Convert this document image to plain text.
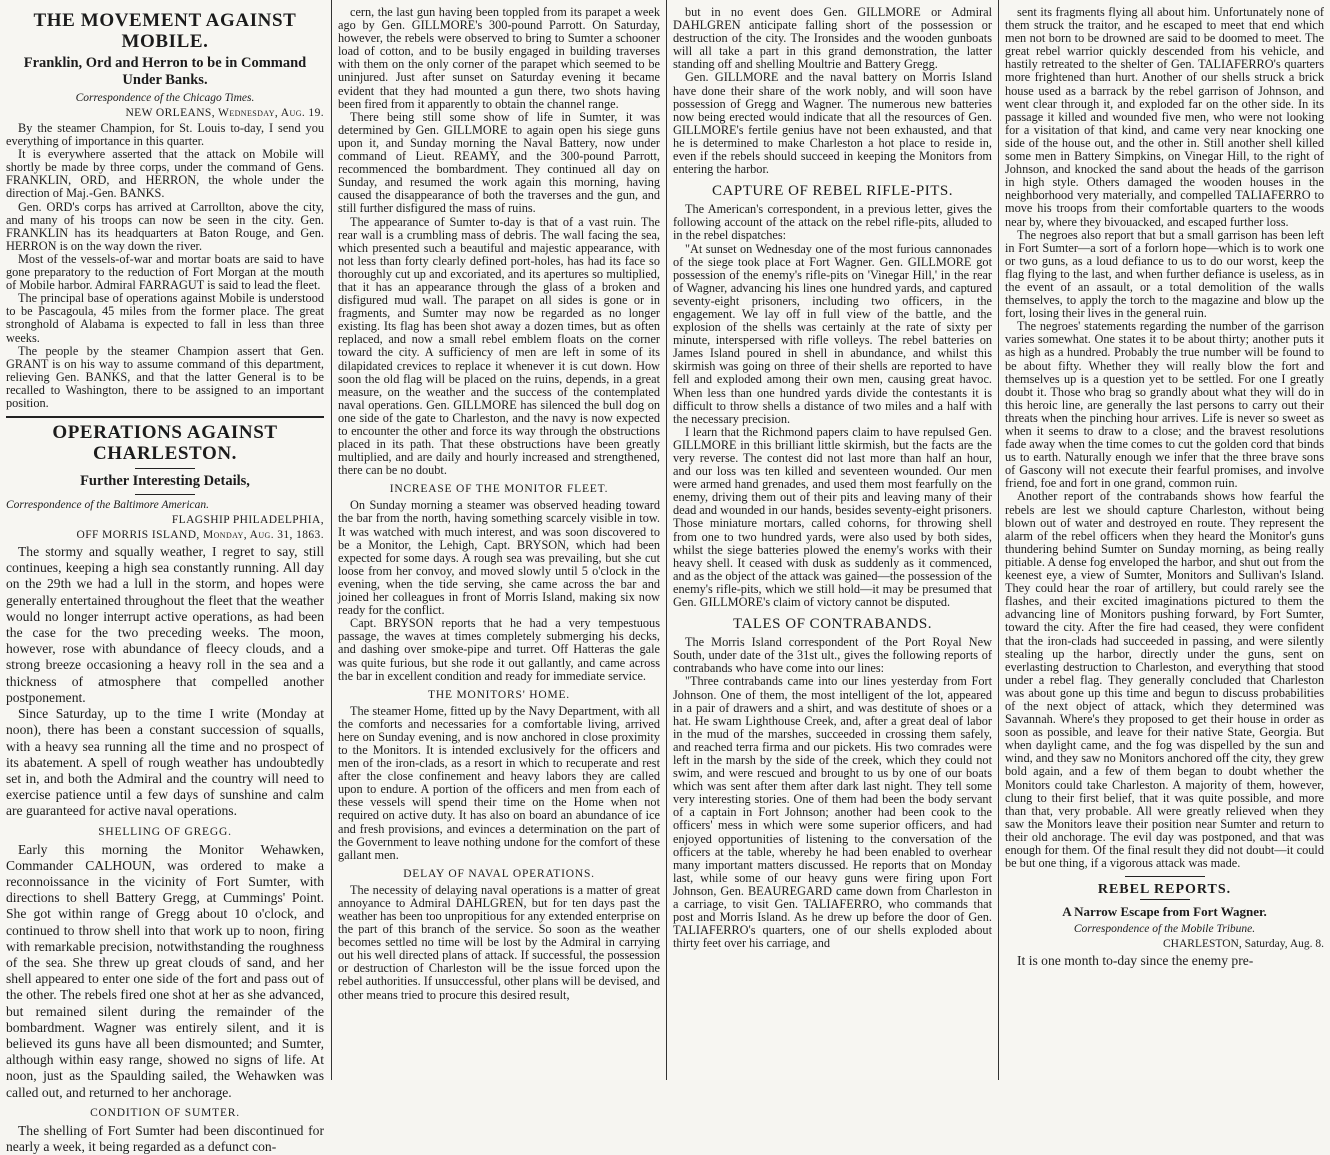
THE MOVEMENT AGAINST MOBILE.
Franklin, Ord and Herron to be in Command Under Banks.
Correspondence of the Chicago Times.
NEW ORLEANS, Wednesday, Aug. 19.

By the steamer Champion, for St. Louis to-day, I send you everything of importance in this quarter.

It is everywhere asserted that the attack on Mobile will shortly be made by three corps, under the command of Gens. FRANKLIN, ORD, and HERRON, the whole under the direction of Maj.-Gen. BANKS.

Gen. ORD's corps has arrived at Carrollton, above the city, and many of his troops can now be seen in the city. Gen. FRANKLIN has its headquarters at Baton Rouge, and Gen. HERRON is on the way down the river.

Most of the vessels-of-war and mortar boats are said to have gone preparatory to the reduction of Fort Morgan at the mouth of Mobile harbor. Admiral FARRAGUT is said to lead the fleet.

The principal base of operations against Mobile is understood to be Pascagoula, 45 miles from the former place. The great stronghold of Alabama is expected to fall in less than three weeks.

The people by the steamer Champion assert that Gen. GRANT is on his way to assume command of this department, relieving Gen. BANKS, and that the latter General is to be recalled to Washington, there to be assigned to an important position.

OPERATIONS AGAINST CHARLESTON.
Further Interesting Details,
Correspondence of the Baltimore American.
FLAGSHIP PHILADELPHIA,
OFF MORRIS ISLAND, Monday, Aug. 31, 1863.

The stormy and squally weather, I regret to say, still continues, keeping a high sea constantly running. All day on the 29th we had a lull in the storm, and hopes were generally entertained throughout the fleet that the weather would no longer interrupt active operations, as had been the case for the two preceding weeks. The moon, however, rose with abundance of fleecy clouds, and a strong breeze occasioning a heavy roll in the sea and a thickness of atmosphere that compelled another postponement.

Since Saturday, up to the time I write (Monday at noon), there has been a constant succession of squalls, with a heavy sea running all the time and no prospect of its abatement. A spell of rough weather has undoubtedly set in, and both the Admiral and the country will need to exercise patience until a few days of sunshine and calm are guaranteed for active naval operations.

SHELLING OF GREGG.

Early this morning the Monitor Wehawken, Commander CALHOUN, was ordered to make a reconnoissance in the vicinity of Fort Sumter, with directions to shell Battery Gregg, at Cummings' Point. She got within range of Gregg about 10 o'clock, and continued to throw shell into that work up to noon, firing with remarkable precision, notwithstanding the roughness of the sea. She threw up great clouds of sand, and her shell appeared to enter one side of the fort and pass out of the other. The rebels fired one shot at her as she advanced, but remained silent during the remainder of the bombardment. Wagner was entirely silent, and it is believed its guns have all been dismounted; and Sumter, although within easy range, showed no signs of life. At noon, just as the Spaulding sailed, the Wehawken was called out, and returned to her anchorage.

CONDITION OF SUMTER.

The shelling of Fort Sumter had been discontinued for nearly a week, it being regarded as a defunct con-

cern, the last gun having been toppled from its parapet a week ago by Gen. GILLMORE's 300-pound Parrott. On Saturday, however, the rebels were observed to bring to Sumter a schooner load of cotton, and to be busily engaged in building traverses with them on the only corner of the parapet which seemed to be uninjured. Just after sunset on Saturday evening it became evident that they had mounted a gun there, two shots having been fired from it apparently to obtain the channel range.

There being still some show of life in Sumter, it was determined by Gen. GILLMORE to again open his siege guns upon it, and Sunday morning the Naval Battery, now under command of Lieut. REAMY, and the 300-pound Parrott, recommenced the bombardment. They continued all day on Sunday, and resumed the work again this morning, having caused the disappearance of both the traverses and the gun, and still further disfigured the mass of ruins.

The appearance of Sumter to-day is that of a vast ruin. The rear wall is a crumbling mass of debris. The wall facing the sea, which presented such a beautiful and majestic appearance, with not less than forty clearly defined port-holes, has had its face so thoroughly cut up and excoriated, and its apertures so multiplied, that it has an appearance through the glass of a broken and disfigured mud wall. The parapet on all sides is gone or in fragments, and Sumter may now be regarded as no longer existing. Its flag has been shot away a dozen times, but as often replaced, and now a small rebel emblem floats on the corner toward the city. A sufficiency of men are left in some of its dilapidated crevices to replace it whenever it is cut down. How soon the old flag will be placed on the ruins, depends, in a great measure, on the weather and the success of the contemplated naval operations. Gen. GILLMORE has silenced the bull dog on one side of the gate to Charleston, and the navy is now expected to encounter the other and force its way through the obstructions placed in its path. That these obstructions have been greatly multiplied, and are daily and hourly increased and strengthened, there can be no doubt.

INCREASE OF THE MONITOR FLEET.

On Sunday morning a steamer was observed heading toward the bar from the north, having something scarcely visible in tow. It was watched with much interest, and was soon discovered to be a Monitor, the Lehigh, Capt. BRYSON, which had been expected for some days. A rough sea was prevailing, but she cut loose from her convoy, and moved slowly until 5 o'clock in the evening, when the tide serving, she came across the bar and joined her colleagues in front of Morris Island, making six now ready for the conflict.

Capt. BRYSON reports that he had a very tempestuous passage, the waves at times completely submerging his decks, and dashing over smoke-pipe and turret. Off Hatteras the gale was quite furious, but she rode it out gallantly, and came across the bar in excellent condition and ready for immediate service.

THE MONITORS' HOME.

The steamer Home, fitted up by the Navy Department, with all the comforts and necessaries for a comfortable living, arrived here on Sunday evening, and is now anchored in close proximity to the Monitors. It is intended exclusively for the officers and men of the iron-clads, as a resort in which to recuperate and rest after the close confinement and heavy labors they are called upon to endure. A portion of the officers and men from each of these vessels will spend their time on the Home when not required on active duty. It has also on board an abundance of ice and fresh provisions, and evinces a determination on the part of the Government to leave nothing undone for the comfort of these gallant men.

DELAY OF NAVAL OPERATIONS.

The necessity of delaying naval operations is a matter of great annoyance to Admiral DAHLGREN, but for ten days past the weather has been too unpropitious for any extended enterprise on the part of this branch of the service. So soon as the weather becomes settled no time will be lost by the Admiral in carrying out his well directed plans of attack. If successful, the possession or destruction of Charleston will be the issue forced upon the rebel authorities. If unsuccessful, other plans will be devised, and other means tried to procure this desired result,

but in no event does Gen. GILLMORE or Admiral DAHLGREN anticipate falling short of the possession or destruction of the city. The Ironsides and the wooden gunboats will all take a part in this grand demonstration, the latter standing off and shelling Moultrie and Battery Gregg.

Gen. GILLMORE and the naval battery on Morris Island have done their share of the work nobly, and will soon have possession of Gregg and Wagner. The numerous new batteries now being erected would indicate that all the resources of Gen. GILLMORE's fertile genius have not been exhausted, and that he is determined to make Charleston a hot place to reside in, even if the rebels should succeed in keeping the Monitors from entering the harbor.

CAPTURE OF REBEL RIFLE-PITS.

The American's correspondent, in a previous letter, gives the following account of the attack on the rebel rifle-pits, alluded to in the rebel dispatches:

"At sunset on Wednesday one of the most furious cannonades of the siege took place at Fort Wagner. Gen. GILLMORE got possession of the enemy's rifle-pits on 'Vinegar Hill,' in the rear of Wagner, advancing his lines one hundred yards, and captured seventy-eight prisoners, including two officers, in the engagement. We lay off in full view of the battle, and the explosion of the shells was certainly at the rate of sixty per minute, interspersed with rifle volleys. The rebel batteries on James Island poured in shell in abundance, and whilst this skirmish was going on three of their shells are reported to have fell and exploded among their own men, causing great havoc. When less than one hundred yards divide the contestants it is difficult to throw shells a distance of two miles and a half with the necessary precision.

I learn that the Richmond papers claim to have repulsed Gen. GILLMORE in this brilliant little skirmish, but the facts are the very reverse. The contest did not last more than half an hour, and our loss was ten killed and seventeen wounded. Our men were armed hand grenades, and used them most fearfully on the enemy, driving them out of their pits and leaving many of their dead and wounded in our hands, besides seventy-eight prisoners. Those miniature mortars, called cohorns, for throwing shell from one to two hundred yards, were also used by both sides, whilst the siege batteries plowed the enemy's works with their heavy shell. It ceased with dusk as suddenly as it commenced, and as the object of the attack was gained—the possession of the enemy's rifle-pits, which we still hold—it may be presumed that Gen. GILLMORE's claim of victory cannot be disputed.

TALES OF CONTRABANDS.

The Morris Island correspondent of the Port Royal New South, under date of the 31st ult., gives the following reports of contrabands who have come into our lines:

"Three contrabands came into our lines yesterday from Fort Johnson. One of them, the most intelligent of the lot, appeared in a pair of drawers and a shirt, and was destitute of shoes or a hat. He swam Lighthouse Creek, and, after a great deal of labor in the mud of the marshes, succeeded in crossing them safely, and reached terra firma and our pickets. His two comrades were left in the marsh by the side of the creek, which they could not swim, and were rescued and brought to us by one of our boats which was sent after them after dark last night. They tell some very interesting stories. One of them had been the body servant of a captain in Fort Johnson; another had been cook to the officers' mess in which were some superior officers, and had enjoyed opportunities of listening to the conversation of the officers at the table, whereby he had been enabled to overhear many important matters discussed. He reports that on Monday last, while some of our heavy guns were firing upon Fort Johnson, Gen. BEAUREGARD came down from Charleston in a carriage, to visit Gen. TALIAFERRO, who commands that post and Morris Island. As he drew up before the door of Gen. TALIAFERRO's quarters, one of our shells exploded about thirty feet over his carriage, and

sent its fragments flying all about him. Unfortunately none of them struck the traitor, and he escaped to meet that end which men not born to be drowned are said to be doomed to meet. The great rebel warrior quickly descended from his vehicle, and hastily retreated to the shelter of Gen. TALIAFERRO's quarters more frightened than hurt. Another of our shells struck a brick house used as a barrack by the rebel garrison of Johnson, and went clear through it, and exploded far on the other side. In its passage it killed and wounded five men, who were not looking for a visitation of that kind, and came very near knocking one side of the house out, and the other in. Still another shell killed some men in Battery Simpkins, on Vinegar Hill, to the right of Johnson, and knocked the sand about the heads of the garrison in high style. Others damaged the wooden houses in the neighborhood very materially, and compelled TALIAFERRO to move his troops from their comfortable quarters to the woods near by, where they bivouacked, and escaped further loss.

The negroes also report that but a small garrison has been left in Fort Sumter—a sort of a forlorn hope—which is to work one or two guns, as a loud defiance to us to do our worst, keep the flag flying to the last, and when further defiance is useless, as in the event of an assault, or a total demolition of the walls themselves, to apply the torch to the magazine and blow up the fort, losing their lives in the general ruin.

The negroes' statements regarding the number of the garrison varies somewhat. One states it to be about thirty; another puts it as high as a hundred. Probably the true number will be found to be about fifty. Whether they will really blow the fort and themselves up is a question yet to be settled. For one I greatly doubt it. Those who brag so grandly about what they will do in this heroic line, are generally the last persons to carry out their threats when the pinching hour arrives. Life is never so sweet as when it seems to draw to a close; and the bravest resolutions fade away when the time comes to cut the golden cord that binds us to earth. Naturally enough we infer that the three brave sons of Gascony will not execute their fearful promises, and involve friend, foe and fort in one grand, common ruin.

Another report of the contrabands shows how fearful the rebels are lest we should capture Charleston, without being blown out of water and destroyed en route. They represent the alarm of the rebel officers when they heard the Monitor's guns thundering behind Sumter on Sunday morning, as being really pitiable. A dense fog enveloped the harbor, and shut out from the keenest eye, a view of Sumter, Monitors and Sullivan's Island. They could hear the roar of artillery, but could rarely see the flashes, and their excited imaginations pictured to them the advancing line of Monitors pushing forward, by Fort Sumter, toward the city. After the fire had ceased, they were confident that the iron-clads had succeeded in passing, and were silently stealing up the harbor, directly under the guns, sent on everlasting destruction to Charleston, and everything that stood under a rebel flag. They generally concluded that Charleston was about gone up this time and begun to discuss probabilities of the next object of attack, which they determined was Savannah. Where's they proposed to get their house in order as soon as possible, and leave for their native State, Georgia. But when daylight came, and the fog was dispelled by the sun and wind, and they saw no Monitors anchored off the city, they grew bold again, and a few of them began to doubt whether the Monitors could take Charleston. A majority of them, however, clung to their first belief, that it was quite possible, and more than that, very probable. All were greatly relieved when they saw the Monitors leave their position near Sumter and return to their old anchorage. The evil day was postponed, and that was enough for them. Of the final result they did not doubt—it could be but one thing, if a vigorous attack was made.

REBEL REPORTS.
A Narrow Escape from Fort Wagner.
Correspondence of the Mobile Tribune.
CHARLESTON, Saturday, Aug. 8.

It is one month to-day since the enemy pre-
